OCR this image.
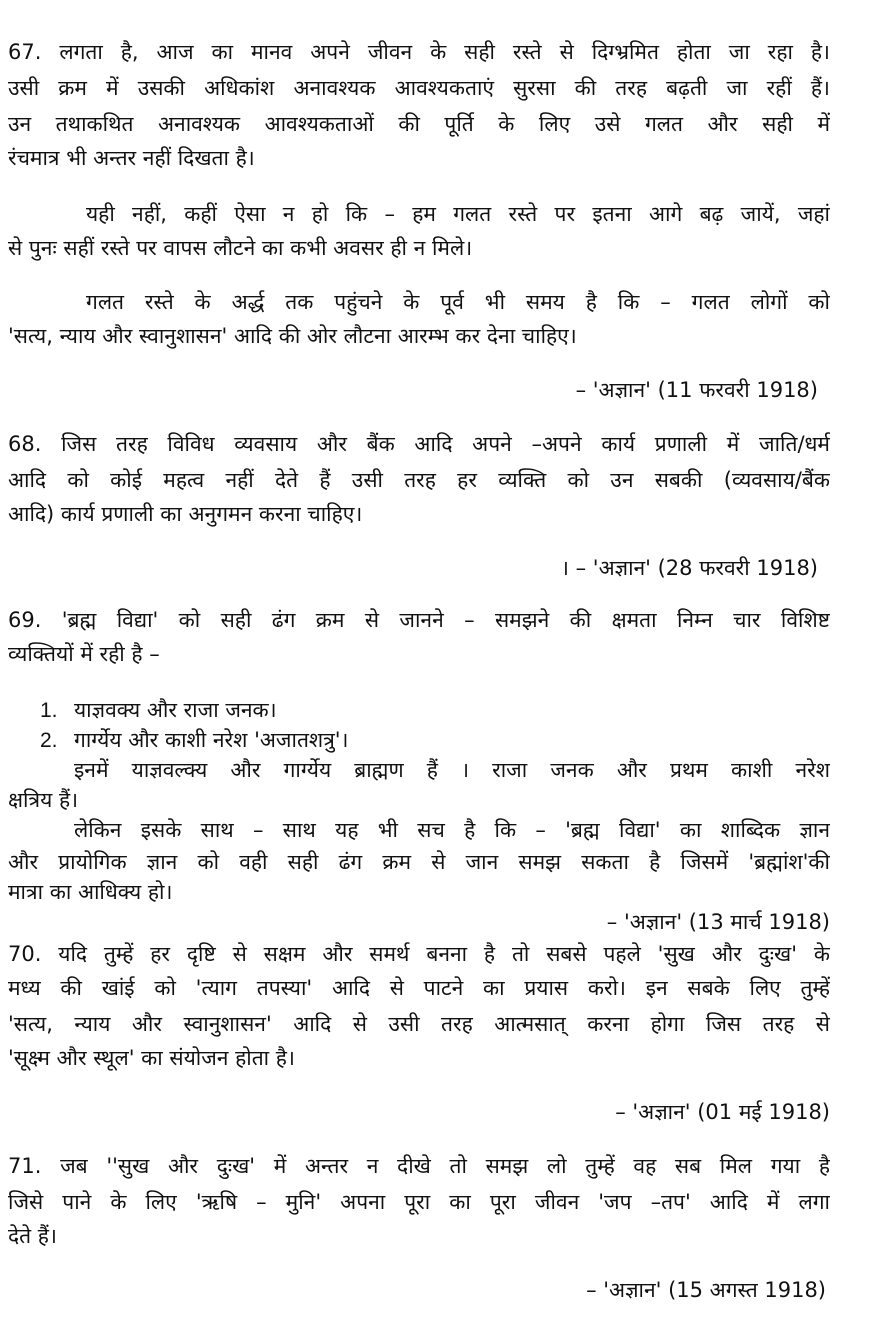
67. लगता है, आज का मानव अपने जीवन के सही रस्ते से दिग्भ्रमित होता जा रहा है।
उसी क्रम में उसकी अधिकांश अनावश्यक आवश्यकताएं सुरसा की तरह बढ़ती जा रहीं हैं।
उन तथाकथित अनावश्यक आवश्यकताओं की पूर्ति के लिए उसे गलत और सही में
रंचमात्र भी अन्तर नहीं दिखता है।
यही नहीं, कहीं ऐसा न हो कि – हम गलत रस्ते पर इतना आगे बढ़ जायें, जहां
से पुनः सहीं रस्ते पर वापस लौटने का कभी अवसर ही न मिले।
गलत रस्ते के अर्द्ध तक पहुंचने के पूर्व भी समय है कि – गलत लोगों को
'सत्य, न्याय और स्वानुशासन' आदि की ओर लौटना आरम्भ कर देना चाहिए।
– 'अज्ञान' (11 फरवरी 1918)
68. जिस तरह विविध व्यवसाय और बैंक आदि अपने –अपने कार्य प्रणाली में जाति/धर्म
आदि को कोई महत्व नहीं देते हैं उसी तरह हर व्यक्ति को उन सबकी (व्यवसाय/बैंक
आदि) कार्य प्रणाली का अनुगमन करना चाहिए।
। – 'अज्ञान' (28 फरवरी 1918)
69. 'ब्रह्म विद्या' को सही ढंग क्रम से जानने – समझने की क्षमता निम्न चार विशिष्ट
व्यक्तियों में रही है –
1. याज्ञवक्य और राजा जनक।
2. गार्ग्येय और काशी नरेश 'अजातशत्रु'।
इनमें याज्ञवल्क्य और गार्ग्येय ब्राह्मण हैं । राजा जनक और प्रथम काशी नरेश
क्षत्रिय हैं।
लेकिन इसके साथ – साथ यह भी सच है कि – 'ब्रह्म विद्या' का शाब्दिक ज्ञान
और प्रायोगिक ज्ञान को वही सही ढंग क्रम से जान समझ सकता है जिसमें 'ब्रह्मांश'की
मात्रा का आधिक्य हो।
– 'अज्ञान' (13 मार्च 1918)
70. यदि तुम्हें हर दृष्टि से सक्षम और समर्थ बनना है तो सबसे पहले 'सुख और दुःख' के
मध्य की खांई को 'त्याग तपस्या' आदि से पाटने का प्रयास करो। इन सबके लिए तुम्हें
'सत्य, न्याय और स्वानुशासन' आदि से उसी तरह आत्मसात् करना होगा जिस तरह से
'सूक्ष्म और स्थूल' का संयोजन होता है।
– 'अज्ञान' (01 मई 1918)
71. जब ''सुख और दुःख' में अन्तर न दीखे तो समझ लो तुम्हें वह सब मिल गया है
जिसे पाने के लिए 'ऋषि – मुनि' अपना पूरा का पूरा जीवन 'जप –तप' आदि में लगा
देते हैं।
– 'अज्ञान' (15 अगस्त 1918)
